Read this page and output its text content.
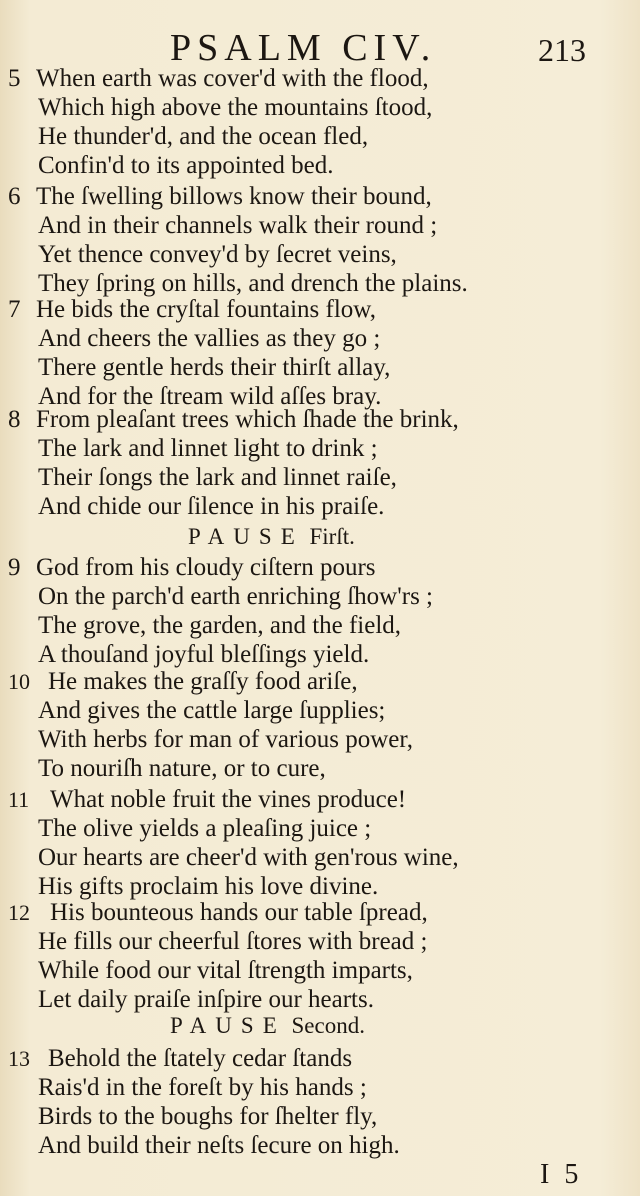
PSALM CIV.	213
5 When earth was cover'd with the flood,
Which high above the mountains ſtood,
He thunder'd, and the ocean fled,
Confin'd to its appointed bed.
6 The ſwelling billows know their bound,
And in their channels walk their round ;
Yet thence convey'd by ſecret veins,
They ſpring on hills, and drench the plains.
7 He bids the cryſtal fountains flow,
And cheers the vallies as they go ;
There gentle herds their thirſt allay,
And for the ſtream wild aſſes bray.
8 From pleaſant trees which ſhade the brink,
The lark and linnet light to drink ;
Their ſongs the lark and linnet raiſe,
And chide our ſilence in his praiſe.
PAUSE Firſt.
9 God from his cloudy ciſtern pours
On the parch'd earth enriching ſhow'rs ;
The grove, the garden, and the field,
A thouſand joyful bleſſings yield.
10 He makes the graſſy food ariſe,
And gives the cattle large ſupplies;
With herbs for man of various power,
To nouriſh nature, or to cure,
11 What noble fruit the vines produce!
The olive yields a pleaſing juice ;
Our hearts are cheer'd with gen'rous wine,
His gifts proclaim his love divine.
12 His bounteous hands our table ſpread,
He fills our cheerful ſtores with bread ;
While food our vital ſtrength imparts,
Let daily praiſe inſpire our hearts.
PAUSE Second.
13 Behold the ſtately cedar ſtands
Rais'd in the foreſt by his hands ;
Birds to the boughs for ſhelter fly,
And build their neſts ſecure on high.
I 5
